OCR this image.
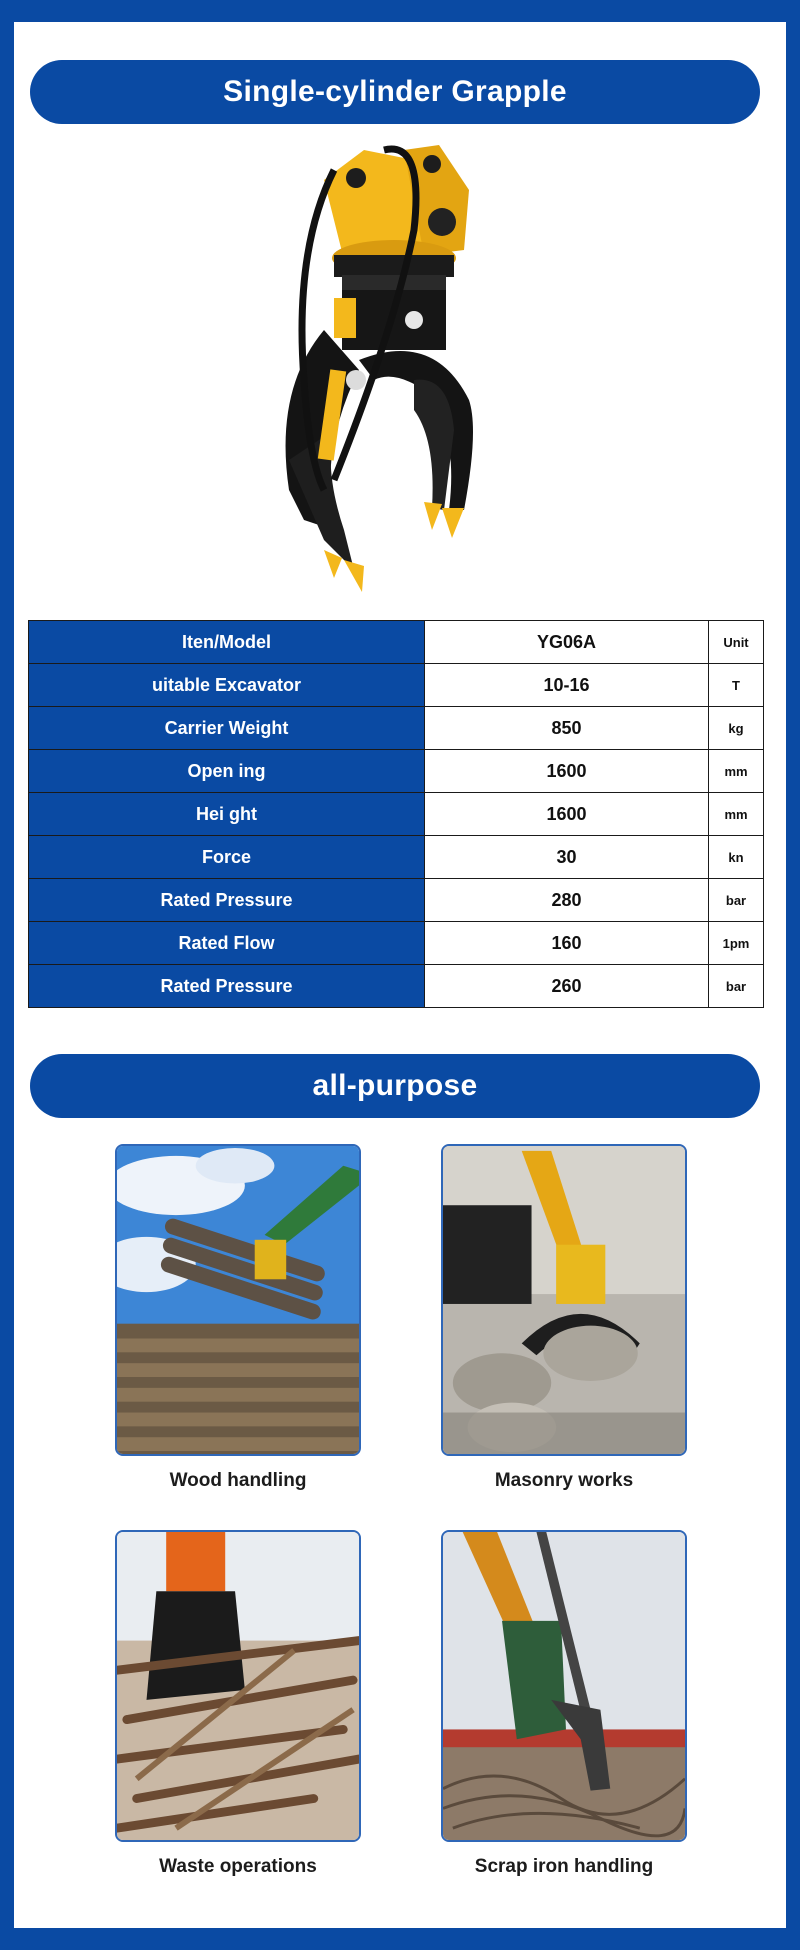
Single-cylinder Grapple
Iten/Model	YG06A	Unit
uitable Excavator	10-16	T
Carrier Weight	850	kg
Open ing	1600	mm
Hei ght	1600	mm
Force	30	kn
Rated Pressure	280	bar
Rated Flow	160	1pm
Rated Pressure	260	bar
all-purpose
Wood handling	Masonry works
Waste operations	Scrap iron handling
